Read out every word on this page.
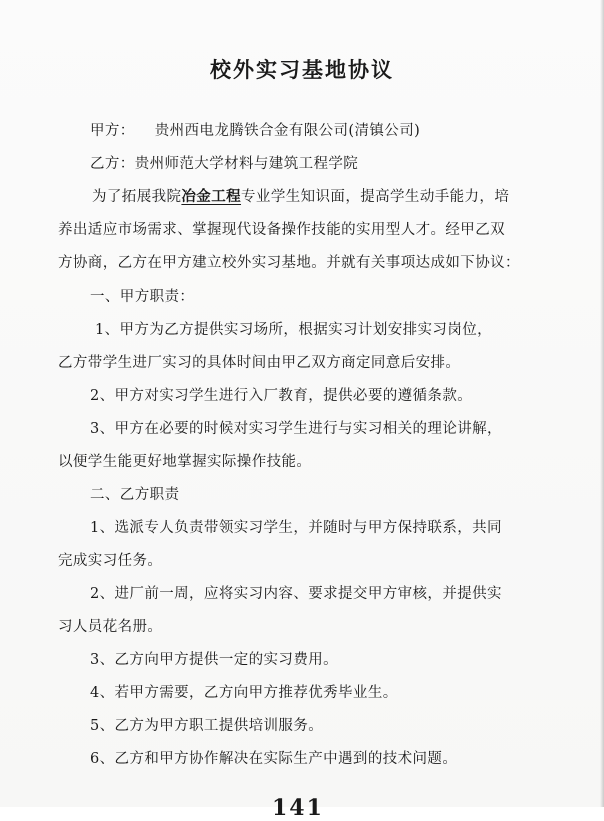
校外实习基地协议
甲方： 贵州西电龙腾铁合金有限公司(清镇公司)
乙方：贵州师范大学材料与建筑工程学院
为了拓展我院冶金工程专业学生知识面，提高学生动手能力，培
养出适应市场需求、掌握现代设备操作技能的实用型人才。经甲乙双
方协商，乙方在甲方建立校外实习基地。并就有关事项达成如下协议：
一、甲方职责：
1、甲方为乙方提供实习场所，根据实习计划安排实习岗位，
乙方带学生进厂实习的具体时间由甲乙双方商定同意后安排。
2、甲方对实习学生进行入厂教育，提供必要的遵循条款。
3、甲方在必要的时候对实习学生进行与实习相关的理论讲解，
以便学生能更好地掌握实际操作技能。
二、乙方职责
1、选派专人负责带领实习学生，并随时与甲方保持联系，共同
完成实习任务。
2、进厂前一周，应将实习内容、要求提交甲方审核，并提供实
习人员花名册。
3、乙方向甲方提供一定的实习费用。
4、若甲方需要，乙方向甲方推荐优秀毕业生。
5、乙方为甲方职工提供培训服务。
6、乙方和甲方协作解决在实际生产中遇到的技术问题。
141
